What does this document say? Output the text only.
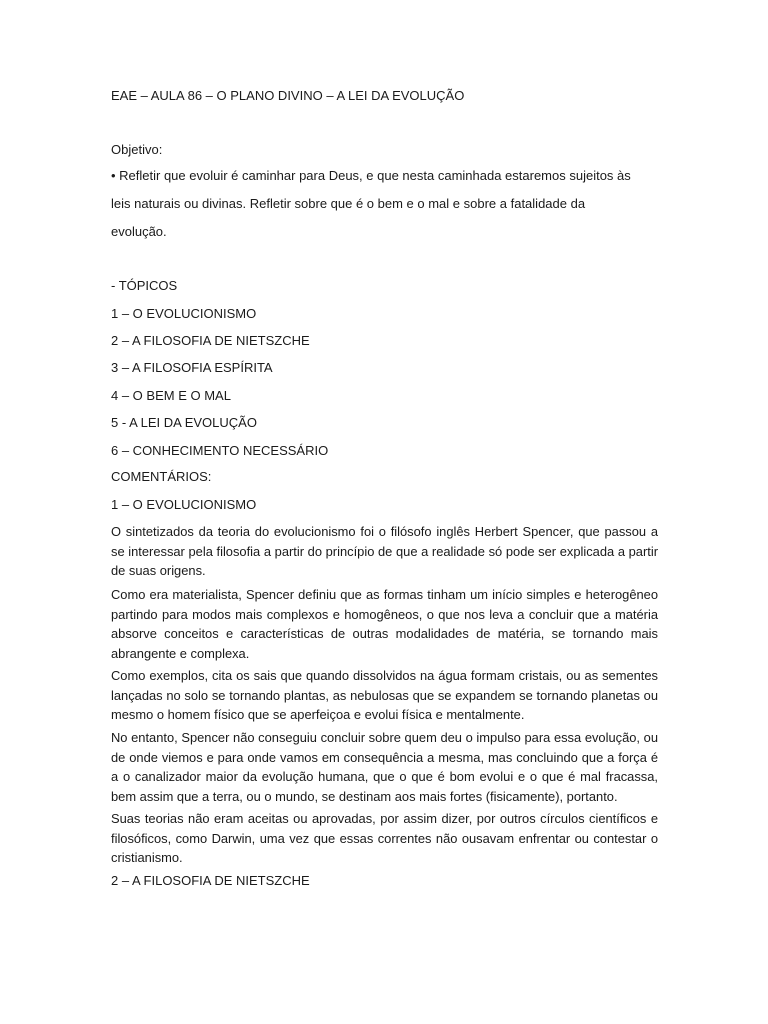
EAE – AULA 86 – O PLANO DIVINO – A LEI DA EVOLUÇÃO
Objetivo:
• Refletir que evoluir é caminhar para Deus, e que nesta caminhada estaremos sujeitos às
leis naturais ou divinas. Refletir sobre que é o bem e o mal e sobre a fatalidade da
evolução.
- TÓPICOS
1 – O EVOLUCIONISMO
2 – A FILOSOFIA DE NIETSZCHE
3 – A FILOSOFIA ESPÍRITA
4 – O BEM E O MAL
5 - A LEI DA EVOLUÇÃO
6 – CONHECIMENTO NECESSÁRIO
COMENTÁRIOS:
1 – O EVOLUCIONISMO
O sintetizados da teoria do evolucionismo foi o filósofo inglês Herbert Spencer, que passou a se interessar pela filosofia a partir do princípio de que a realidade só pode ser explicada a partir de suas origens.
Como era materialista, Spencer definiu que as formas tinham um início simples e heterogêneo partindo para modos mais complexos e homogêneos, o que nos leva a concluir que a matéria absorve conceitos e características de outras modalidades de matéria, se tornando mais abrangente e complexa.
Como exemplos, cita os sais que quando dissolvidos na água formam cristais, ou as sementes lançadas no solo se tornando plantas, as nebulosas que se expandem se tornando planetas ou mesmo o homem físico que se aperfeiçoa e evolui física e mentalmente.
No entanto, Spencer não conseguiu concluir sobre quem deu o impulso para essa evolução, ou de onde viemos e para onde vamos em consequência a mesma, mas concluindo que a força é a o canalizador maior da evolução humana, que o que é bom evolui e o que é mal fracassa, bem assim que a terra, ou o mundo, se destinam aos mais fortes (fisicamente), portanto.
Suas teorias não eram aceitas ou aprovadas, por assim dizer, por outros círculos científicos e filosóficos, como Darwin, uma vez que essas correntes não ousavam enfrentar ou contestar o cristianismo.
2 – A FILOSOFIA DE NIETSZCHE
